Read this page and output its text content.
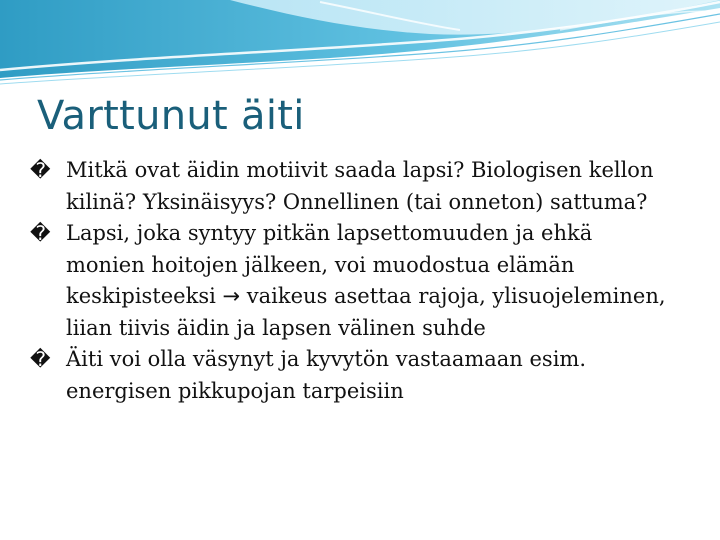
Varttunut äiti
� Mitkä ovat äidin motiivit saada lapsi? Biologisen kellon kilinä? Yksinäisyys? Onnellinen (tai onneton) sattuma?
� Lapsi, joka syntyy pitkän lapsettomuuden ja ehkä monien hoitojen jälkeen, voi muodostua elämän keskipisteeksi → vaikeus asettaa rajoja, ylisuojeleminen, liian tiivis äidin ja lapsen välinen suhde
� Äiti voi olla väsynyt ja kyvytön vastaamaan esim. energisen pikkupojan tarpeisiin
